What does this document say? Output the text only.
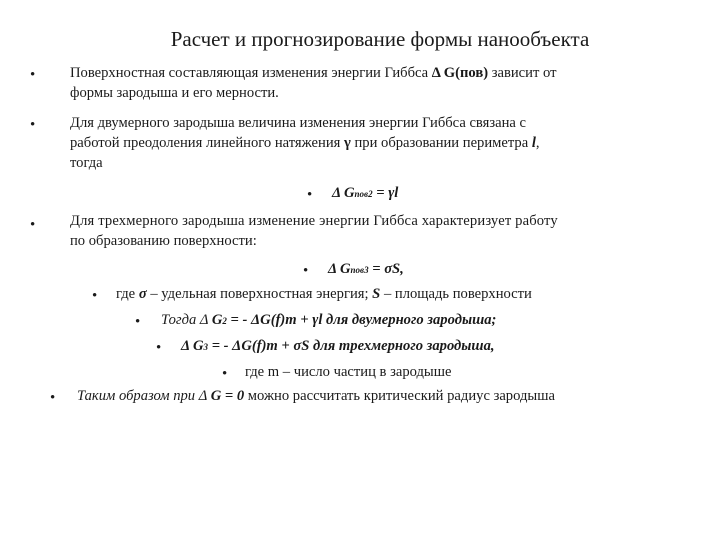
Расчет и прогнозирование формы нанообъекта
• Поверхностная составляющая изменения энергии Гиббса Δ G(пов) зависит от
формы зародыша и его мерности.
• Для двумерного зародыша величина изменения энергии Гиббса связана с
работой преодоления линейного натяжения γ при образовании периметра l,
тогда
• Δ Gпов2 = γl
• Для трехмерного зародыша изменение энергии Гиббса характеризует работу
по образованию поверхности:
• Δ Gпов3 = σS,
• где σ – удельная поверхностная энергия; S – площадь поверхности
• Тогда Δ G2 = - ΔG(f)m + γl для двумерного зародыша;
• Δ G3 = - ΔG(f)m + σS для трехмерного зародыша,
• где m – число частиц в зародыше
• Таким образом при Δ G = 0 можно рассчитать критический радиус зародыша
